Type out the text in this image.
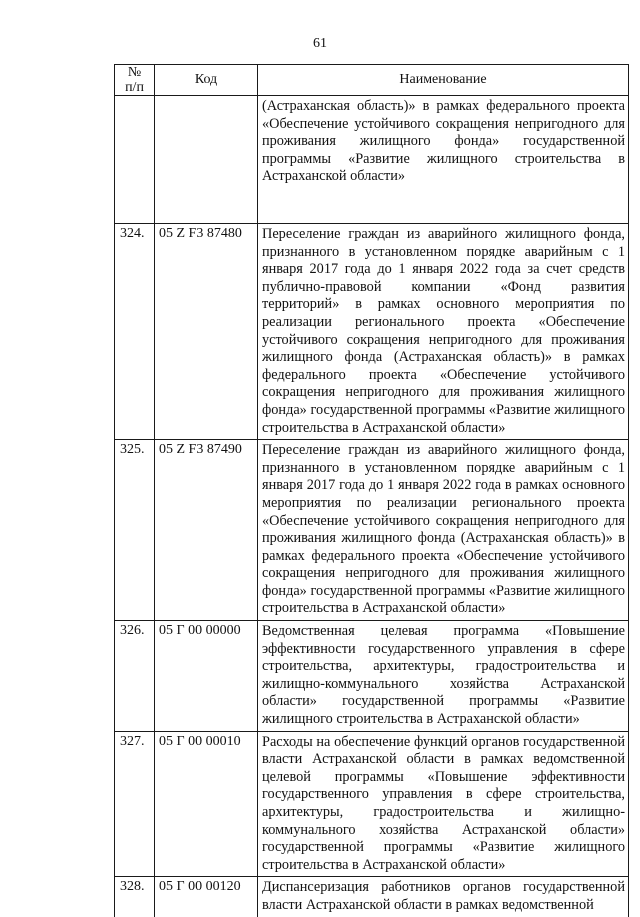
61
№
п/п	Код	Наименование
		(Астраханская область)» в рамках федерального проекта «Обеспечение устойчивого сокращения непригодного для проживания жилищного фонда» государственной программы «Развитие жилищного строительства в Астраханской области»
324.	05 Z F3 87480	Переселение граждан из аварийного жилищного фонда, признанного в установленном порядке аварийным с 1 января 2017 года до 1 января 2022 года за счет средств публично-правовой компании «Фонд развития территорий» в рамках основного мероприятия по реализации регионального проекта «Обеспечение устойчивого сокращения непригодного для проживания жилищного фонда (Астраханская область)» в рамках федерального проекта «Обеспечение устойчивого сокращения непригодного для проживания жилищного фонда» государственной программы «Развитие жилищного строительства в Астраханской области»
325.	05 Z F3 87490	Переселение граждан из аварийного жилищного фонда, признанного в установленном порядке аварийным с 1 января 2017 года до 1 января 2022 года в рамках основного мероприятия по реализации регионального проекта «Обеспечение устойчивого сокращения непригодного для проживания жилищного фонда (Астраханская область)» в рамках федерального проекта «Обеспечение устойчивого сокращения непригодного для проживания жилищного фонда» государственной программы «Развитие жилищного строительства в Астраханской области»
326.	05 Г 00 00000	Ведомственная целевая программа «Повышение эффективности государственного управления в сфере строительства, архитектуры, градостроительства и жилищно-коммунального хозяйства Астраханской области» государственной программы «Развитие жилищного строительства в Астраханской области»
327.	05 Г 00 00010	Расходы на обеспечение функций органов государственной власти Астраханской области в рамках ведомственной целевой программы «Повышение эффективности государственного управления в сфере строительства, архитектуры, градостроительства и жилищно-коммунального хозяйства Астраханской области» государственной программы «Развитие жилищного строительства в Астраханской области»
328.	05 Г 00 00120	Диспансеризация работников органов государственной власти Астраханской области в рамках ведомственной
